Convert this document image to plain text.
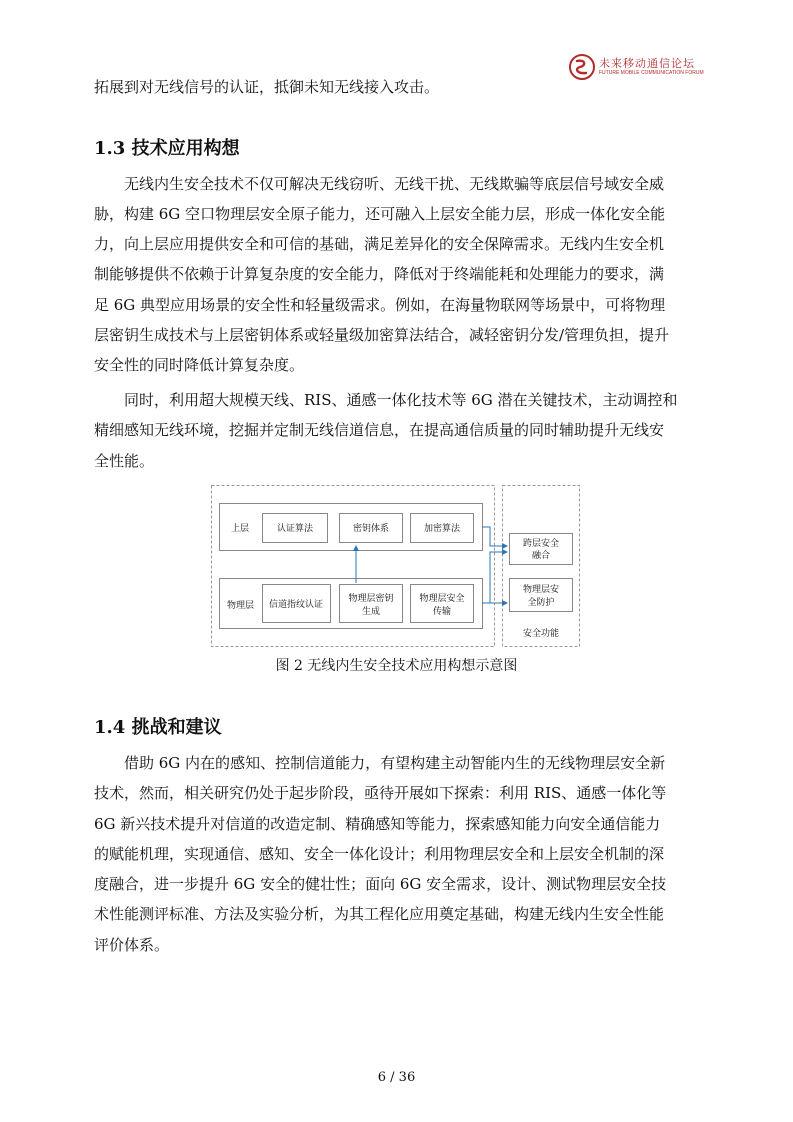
未来移动通信论坛
FUTURE MOBILE COMMUNICATION FORUM

拓展到对无线信号的认证，抵御未知无线接入攻击。

1.3 技术应用构想

无线内生安全技术不仅可解决无线窃听、无线干扰、无线欺骗等底层信号域安全威

胁，构建 6G 空口物理层安全原子能力，还可融入上层安全能力层，形成一体化安全能

力，向上层应用提供安全和可信的基础，满足差异化的安全保障需求。无线内生安全机

制能够提供不依赖于计算复杂度的安全能力，降低对于终端能耗和处理能力的要求，满

足 6G 典型应用场景的安全性和轻量级需求。例如，在海量物联网等场景中，可将物理

层密钥生成技术与上层密钥体系或轻量级加密算法结合，减轻密钥分发/管理负担，提升

安全性的同时降低计算复杂度。

同时，利用超大规模天线、RIS、通感一体化技术等 6G 潜在关键技术，主动调控和

精细感知无线环境，挖掘并定制无线信道信息，在提高通信质量的同时辅助提升无线安

全性能。

上层	认证算法	密钥体系	加密算法
物理层 信道指纹认证
物理层密钥
生成
物理层安全
传输
跨层安全
融合
物理层安
全防护
安全功能

图 2 无线内生安全技术应用构想示意图

1.4 挑战和建议

借助 6G 内在的感知、控制信道能力，有望构建主动智能内生的无线物理层安全新

技术，然而，相关研究仍处于起步阶段，亟待开展如下探索：利用 RIS、通感一体化等

6G 新兴技术提升对信道的改造定制、精确感知等能力，探索感知能力向安全通信能力

的赋能机理，实现通信、感知、安全一体化设计；利用物理层安全和上层安全机制的深

度融合，进一步提升 6G 安全的健壮性；面向 6G 安全需求，设计、测试物理层安全技

术性能测评标准、方法及实验分析，为其工程化应用奠定基础，构建无线内生安全性能

评价体系。

6 / 36
